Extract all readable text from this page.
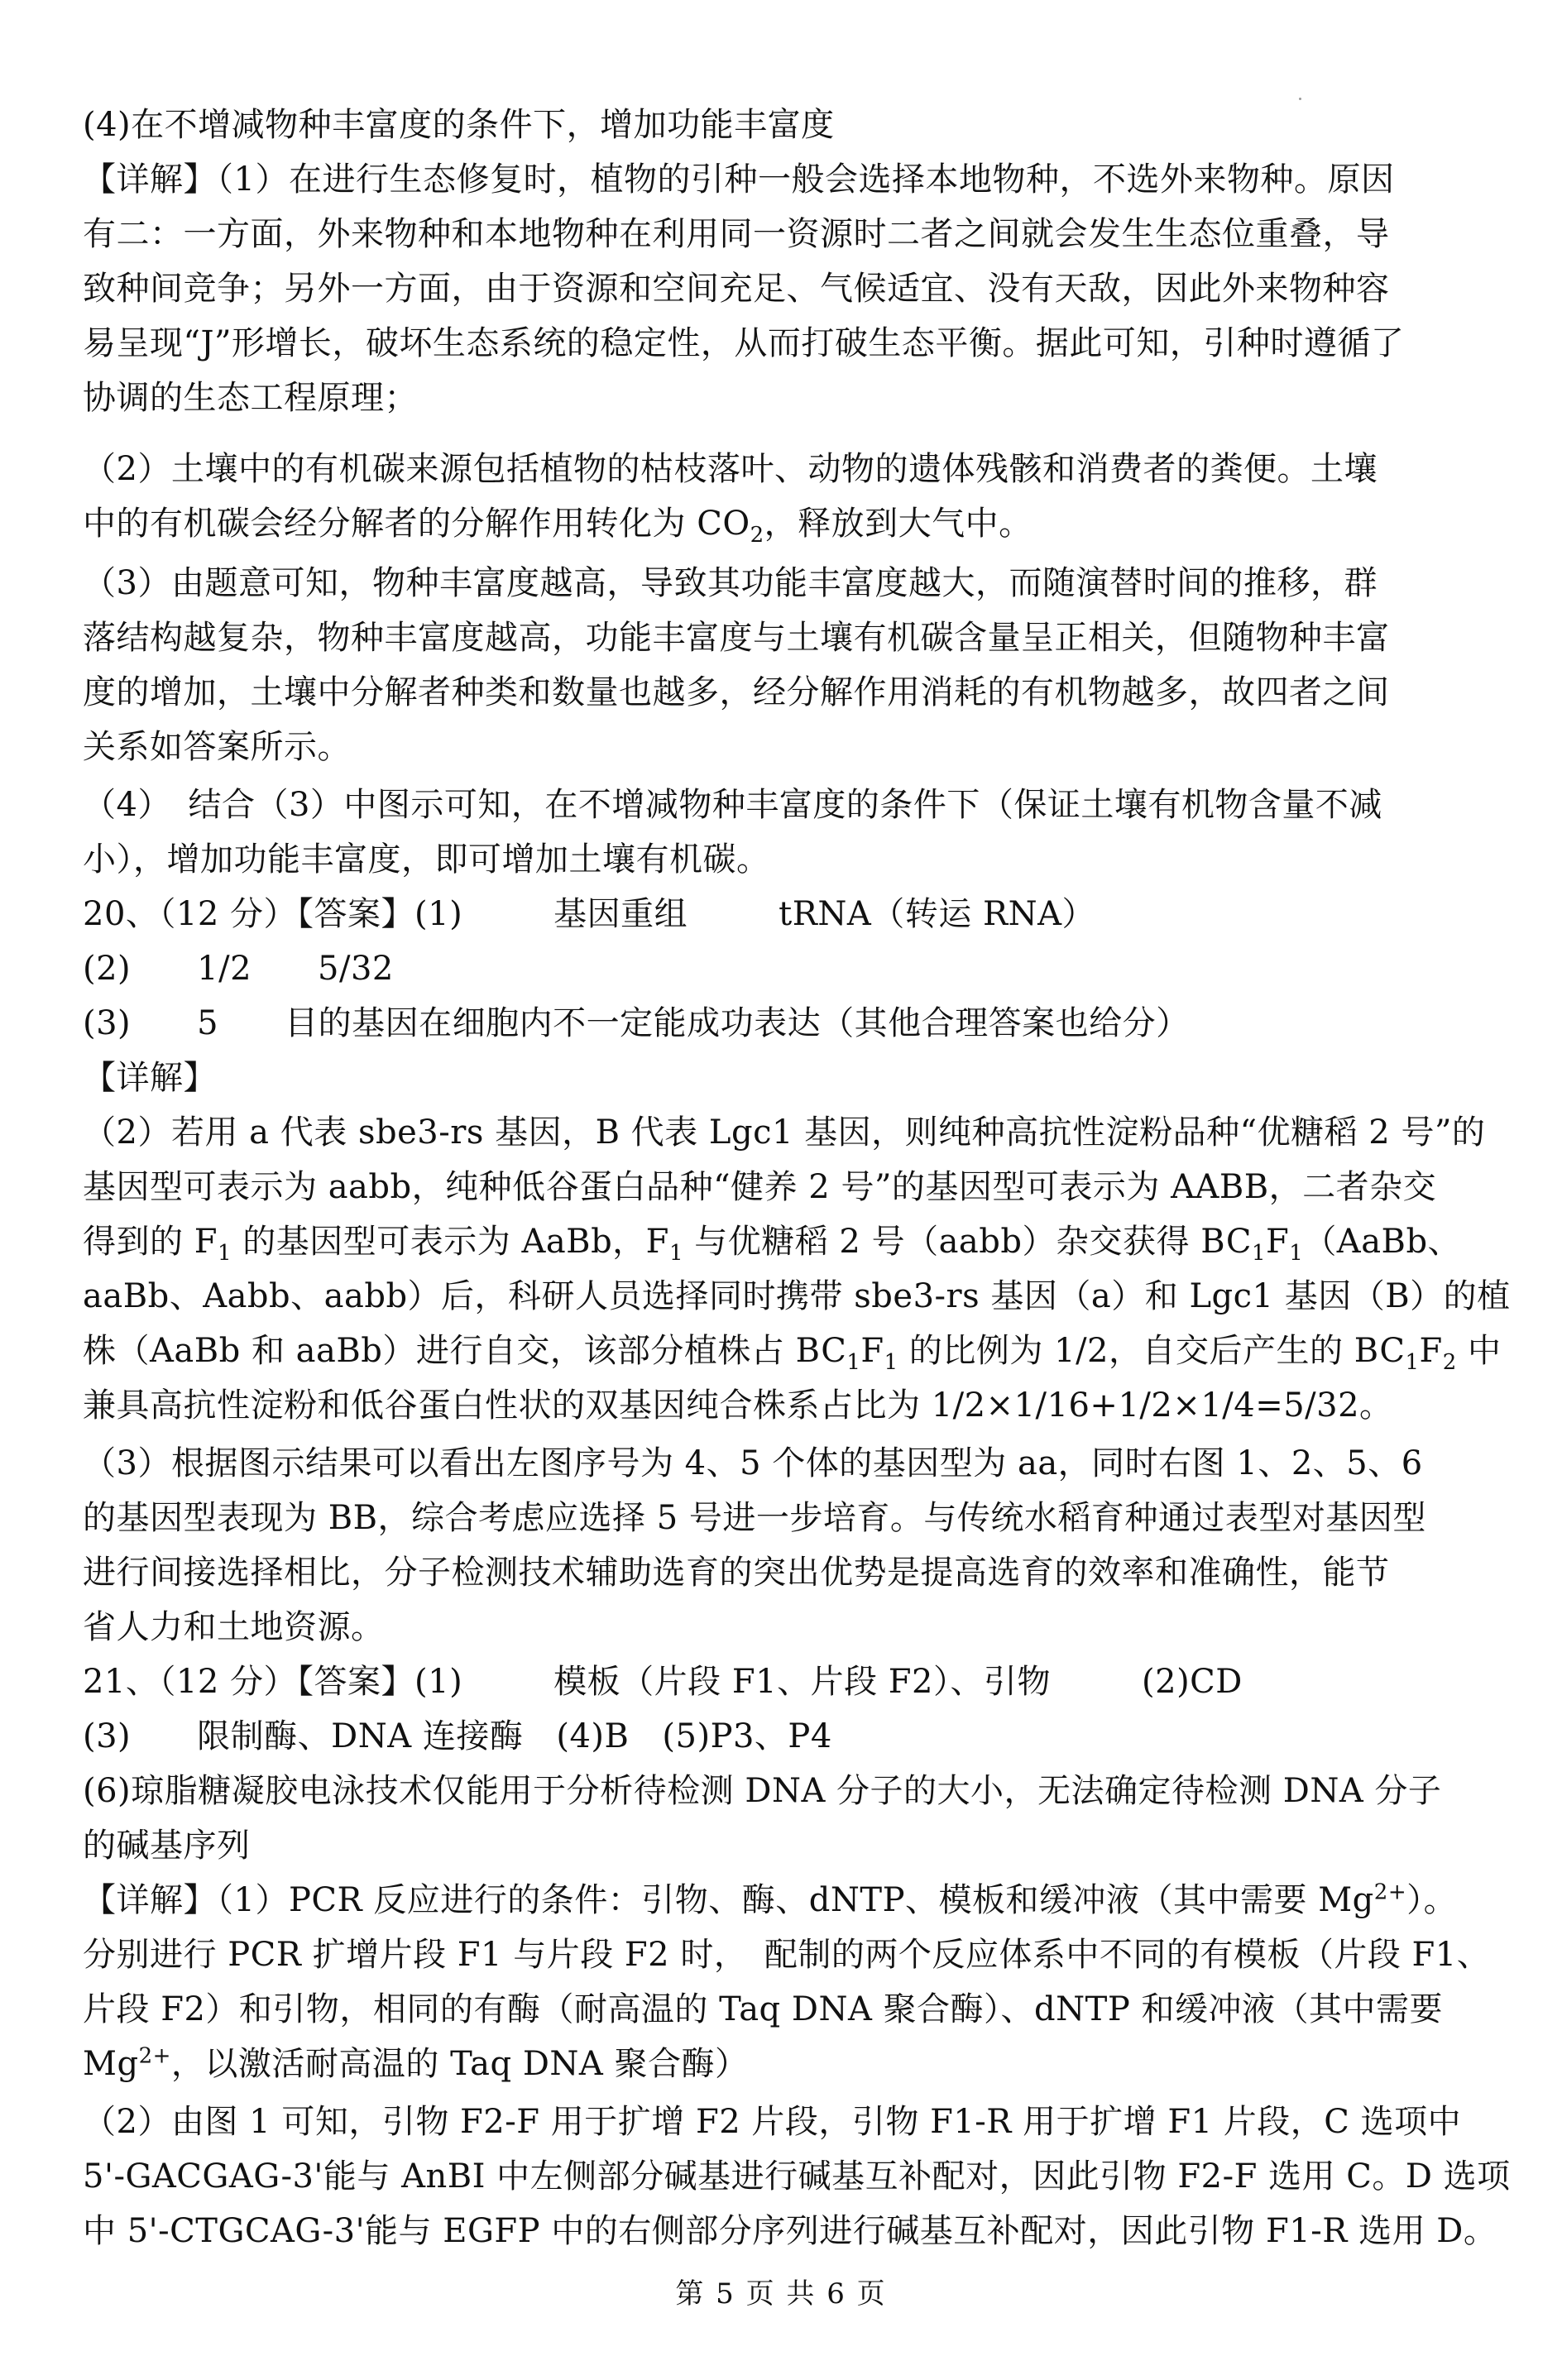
(4)在不增减物种丰富度的条件下，增加功能丰富度
【详解】（1）在进行生态修复时，植物的引种一般会选择本地物种，不选外来物种。原因
有二：一方面，外来物种和本地物种在利用同一资源时二者之间就会发生生态位重叠，导
致种间竞争；另外一方面，由于资源和空间充足、气候适宜、没有天敌，因此外来物种容
易呈现“J”形增长，破坏生态系统的稳定性，从而打破生态平衡。据此可知，引种时遵循了
协调的生态工程原理；
（2）土壤中的有机碳来源包括植物的枯枝落叶、动物的遗体残骸和消费者的粪便。土壤
中的有机碳会经分解者的分解作用转化为 $CO_2$，释放到大气中。
（3）由题意可知，物种丰富度越高，导致其功能丰富度越大，而随演替时间的推移，群
落结构越复杂，物种丰富度越高，功能丰富度与土壤有机碳含量呈正相关，但随物种丰富
度的增加，土壤中分解者种类和数量也越多，经分解作用消耗的有机物越多，故四者之间
关系如答案所示。
（4）　结合（3）中图示可知，在不增减物种丰富度的条件下（保证土壤有机物含量不减
小），增加功能丰富度，即可增加土壤有机碳。
20、（12 分）【答案】(1)	基因重组	tRNA（转运 RNA）
(2) 1/2 5/32
(3) 5 目的基因在细胞内不一定能成功表达（其他合理答案也给分）
【详解】
（2）若用 a 代表 sbe3-rs 基因，B 代表 Lgc1 基因，则纯种高抗性淀粉品种“优糖稻 2 号”的
基因型可表示为 aabb，纯种低谷蛋白品种“健养 2 号”的基因型可表示为 AABB，二者杂交
得到的 $F_1$ 的基因型可表示为 AaBb，$F_1$ 与优糖稻 2 号（aabb）杂交获得 $BC_1F_1(AaBb$、
aaBb、Aabb、aabb）后，科研人员选择同时携带 sbe3-rs 基因（a）和 Lgc1 基因（B）的植
株（AaBb 和 aaBb）进行自交，该部分植株占 $BC_1F_1$ 的比例为 1/2，自交后产生的 $BC_1F_2$ 中
兼具高抗性淀粉和低谷蛋白性状的双基因纯合株系占比为 1/2×1/16+1/2×1/4=5/32。
（3）根据图示结果可以看出左图序号为 4、5 个体的基因型为 aa，同时右图 1、2、5、6
的基因型表现为 BB，综合考虑应选择 5 号进一步培育。与传统水稻育种通过表型对基因型
进行间接选择相比，分子检测技术辅助选育的突出优势是提高选育的效率和准确性，能节
省人力和土地资源。
21、（12 分）【答案】(1)	模板（片段 F1、片段 F2）、引物	(2)CD
(3) 限制酶、DNA 连接酶 (4)B (5)P3、P4
(6)琼脂糖凝胶电泳技术仅能用于分析待检测 DNA 分子的大小，无法确定待检测 DNA 分子
的碱基序列
【详解】（1）PCR 反应进行的条件：引物、酶、dNTP、模板和缓冲液（其中需要 $Mg^{2+}$）。
分别进行 PCR 扩增片段 F1 与片段 F2 时，　配制的两个反应体系中不同的有模板（片段 F1、
片段 F2）和引物，相同的有酶（耐高温的 Taq DNA 聚合酶）、dNTP 和缓冲液（其中需要
$Mg^{2+}$，以激活耐高温的 Taq DNA 聚合酶）
（2）由图 1 可知，引物 F2-F 用于扩增 F2 片段，引物 F1-R 用于扩增 F1 片段，C 选项中
5'-GACGAG-3'能与 AnBI 中左侧部分碱基进行碱基互补配对，因此引物 F2-F 选用 C。D 选项
中 5'-CTGCAG-3'能与 EGFP 中的右侧部分序列进行碱基互补配对，因此引物 F1-R 选用 D。
第 5 页 共 6 页
